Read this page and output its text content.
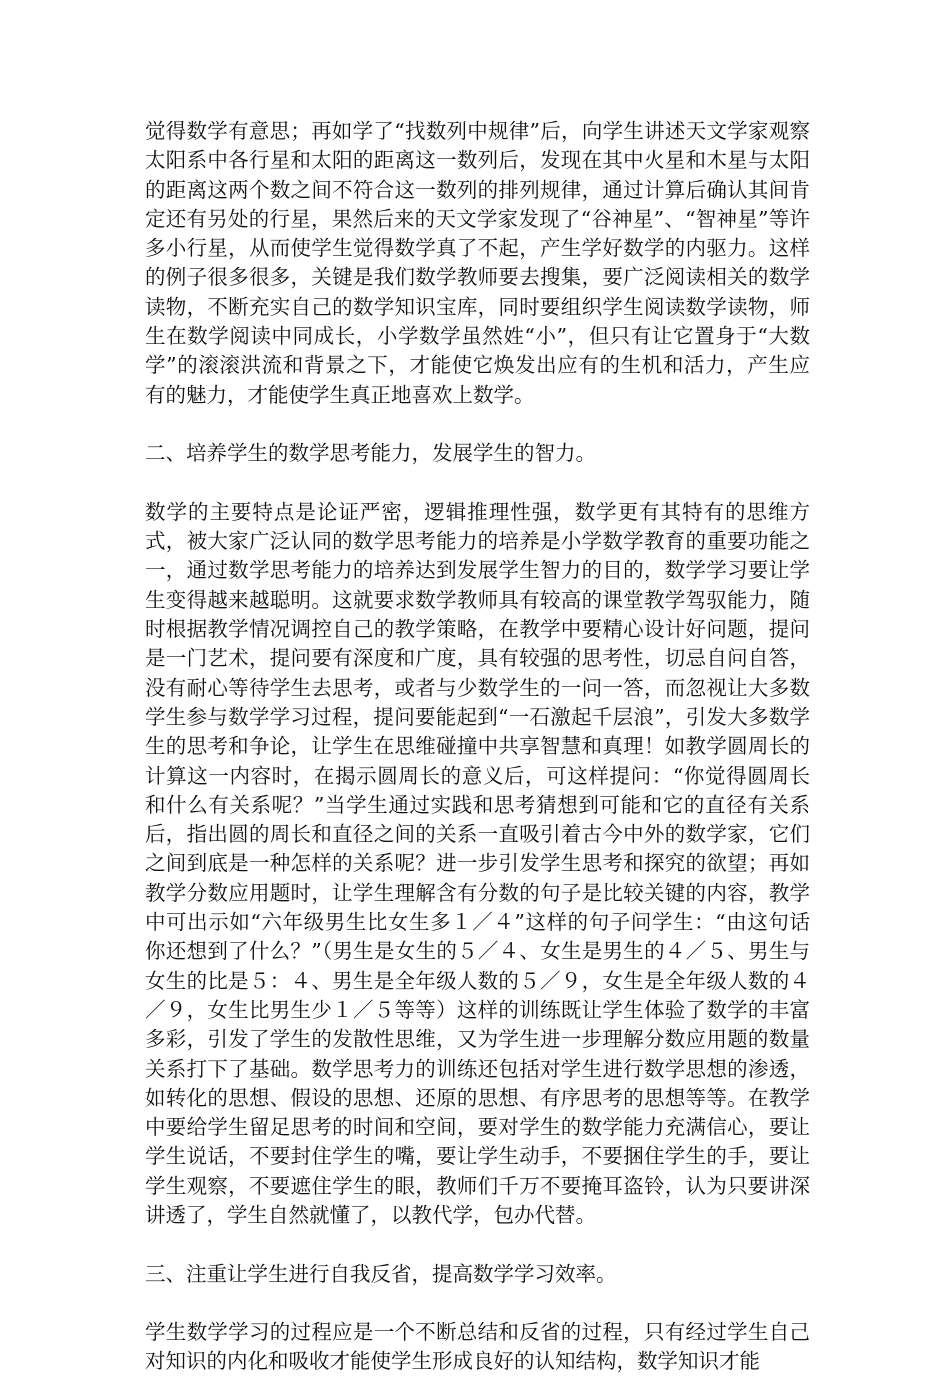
觉得数学有意思；再如学了“找数列中规律”后，向学生讲述天文学家观察太阳系中各行星和太阳的距离这一数列后，发现在其中火星和木星与太阳的距离这两个数之间不符合这一数列的排列规律，通过计算后确认其间肯定还有另处的行星，果然后来的天文学家发现了“谷神星”、“智神星”等许多小行星，从而使学生觉得数学真了不起，产生学好数学的内驱力。这样的例子很多很多，关键是我们数学教师要去搜集，要广泛阅读相关的数学读物，不断充实自己的数学知识宝库，同时要组织学生阅读数学读物，师生在数学阅读中同成长，小学数学虽然姓“小”，但只有让它置身于“大数学”的滚滚洪流和背景之下，才能使它焕发出应有的生机和活力，产生应有的魅力，才能使学生真正地喜欢上数学。

二、培养学生的数学思考能力，发展学生的智力。

数学的主要特点是论证严密，逻辑推理性强，数学更有其特有的思维方式，被大家广泛认同的数学思考能力的培养是小学数学教育的重要功能之一，通过数学思考能力的培养达到发展学生智力的目的，数学学习要让学生变得越来越聪明。这就要求数学教师具有较高的课堂教学驾驭能力，随时根据教学情况调控自己的教学策略，在教学中要精心设计好问题，提问是一门艺术，提问要有深度和广度，具有较强的思考性，切忌自问自答，没有耐心等待学生去思考，或者与少数学生的一问一答，而忽视让大多数学生参与数学学习过程，提问要能起到“一石激起千层浪”，引发大多数学生的思考和争论，让学生在思维碰撞中共享智慧和真理！如教学圆周长的计算这一内容时，在揭示圆周长的意义后，可这样提问：“你觉得圆周长和什么有关系呢？”当学生通过实践和思考猜想到可能和它的直径有关系后，指出圆的周长和直径之间的关系一直吸引着古今中外的数学家，它们之间到底是一种怎样的关系呢？进一步引发学生思考和探究的欲望；再如教学分数应用题时，让学生理解含有分数的句子是比较关键的内容，教学中可出示如“六年级男生比女生多１／４”这样的句子问学生：“由这句话你还想到了什么？”（男生是女生的５／４、女生是男生的４／５、男生与女生的比是５：４、男生是全年级人数的５／９，女生是全年级人数的４／９，女生比男生少１／５等等）这样的训练既让学生体验了数学的丰富多彩，引发了学生的发散性思维，又为学生进一步理解分数应用题的数量关系打下了基础。数学思考力的训练还包括对学生进行数学思想的渗透，如转化的思想、假设的思想、还原的思想、有序思考的思想等等。在教学中要给学生留足思考的时间和空间，要对学生的数学能力充满信心，要让学生说话，不要封住学生的嘴，要让学生动手，不要捆住学生的手，要让学生观察，不要遮住学生的眼，教师们千万不要掩耳盗铃，认为只要讲深讲透了，学生自然就懂了，以教代学，包办代替。

三、注重让学生进行自我反省，提高数学学习效率。

学生数学学习的过程应是一个不断总结和反省的过程，只有经过学生自己对知识的内化和吸收才能使学生形成良好的认知结构，数学知识才能
